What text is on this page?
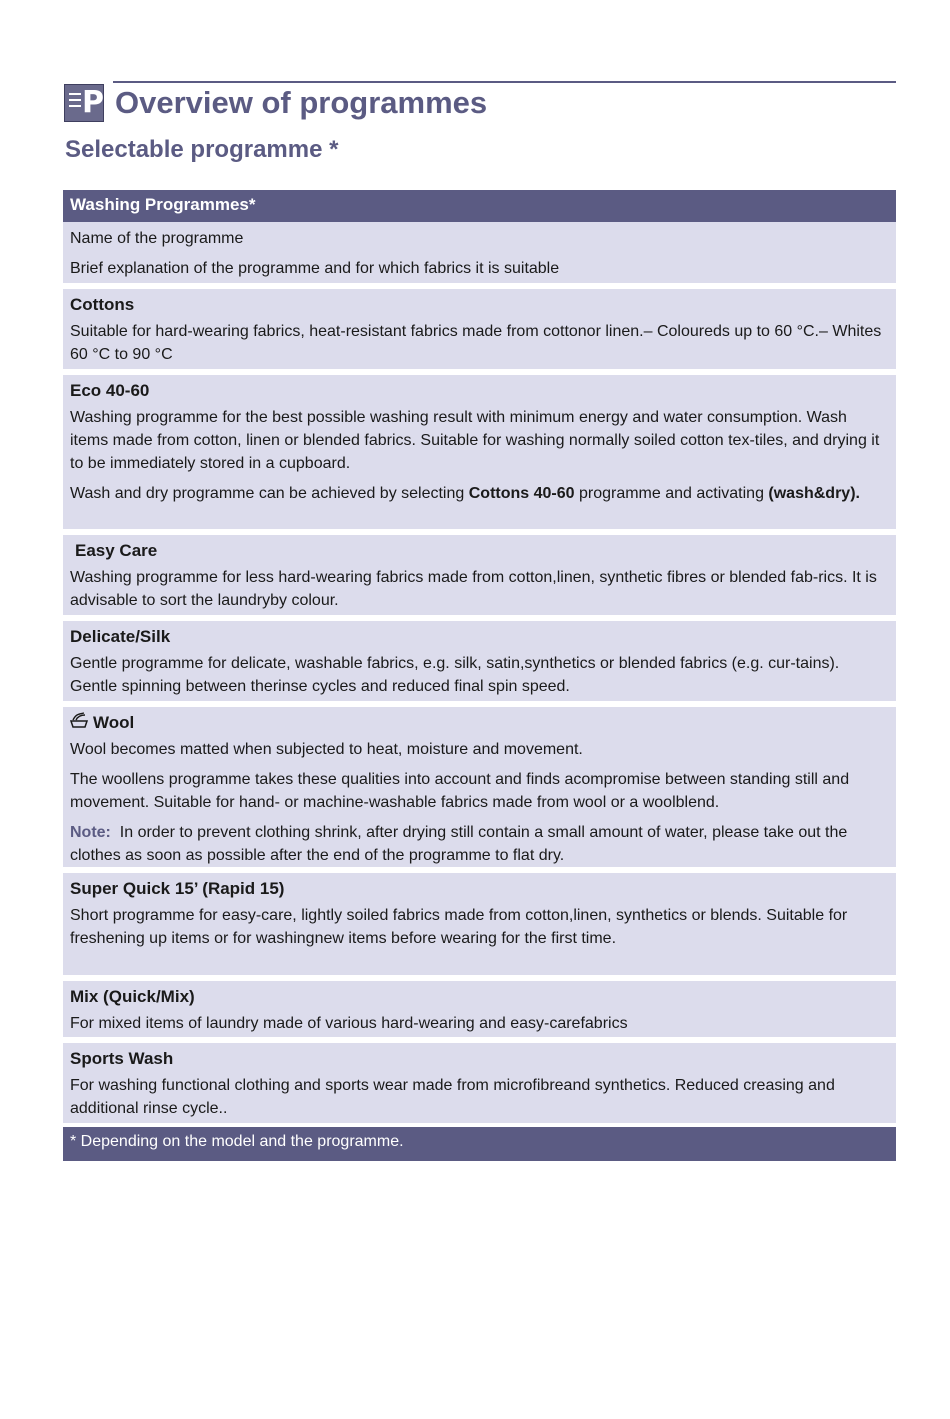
P Overview of programmes
Selectable programme *
Washing Programmes*

Name of the programme

Brief explanation of the programme and for which fabrics it is suitable

Cottons

Suitable for hard-wearing fabrics, heat-resistant fabrics made from cottonor linen.– Coloureds up to 60 °C.– Whites 60 °C to 90 °C

Eco 40-60

Washing programme for the best possible washing result with minimum energy and water consumption. Wash items made from cotton, linen or blended fabrics. Suitable for washing normally soiled cotton tex-tiles, and drying it to be immediately stored in a cupboard.

Wash and dry programme can be achieved by selecting Cottons 40-60 programme and activating (wash&dry).

Easy Care

Washing programme for less hard-wearing fabrics made from cotton,linen, synthetic fibres or blended fab-rics. It is advisable to sort the laundryby colour.

Delicate/Silk

Gentle programme for delicate, washable fabrics, e.g. silk, satin,synthetics or blended fabrics (e.g. cur-tains). Gentle spinning between therinse cycles and reduced final spin speed.

Wool

Wool becomes matted when subjected to heat, moisture and movement.

The woollens programme takes these qualities into account and finds acompromise between standing still and movement. Suitable for hand- or machine-washable fabrics made from wool or a woolblend.

Note: In order to prevent clothing shrink, after drying still contain a small amount of water, please take out the clothes as soon as possible after the end of the programme to flat dry.

Super Quick 15’ (Rapid 15)

Short programme for easy-care, lightly soiled fabrics made from cotton,linen, synthetics or blends. Suitable for freshening up items or for washingnew items before wearing for the first time.

Mix (Quick/Mix)

For mixed items of laundry made of various hard-wearing and easy-carefabrics

Sports Wash

For washing functional clothing and sports wear made from microfibreand synthetics. Reduced creasing and additional rinse cycle..

* Depending on the model and the programme.
